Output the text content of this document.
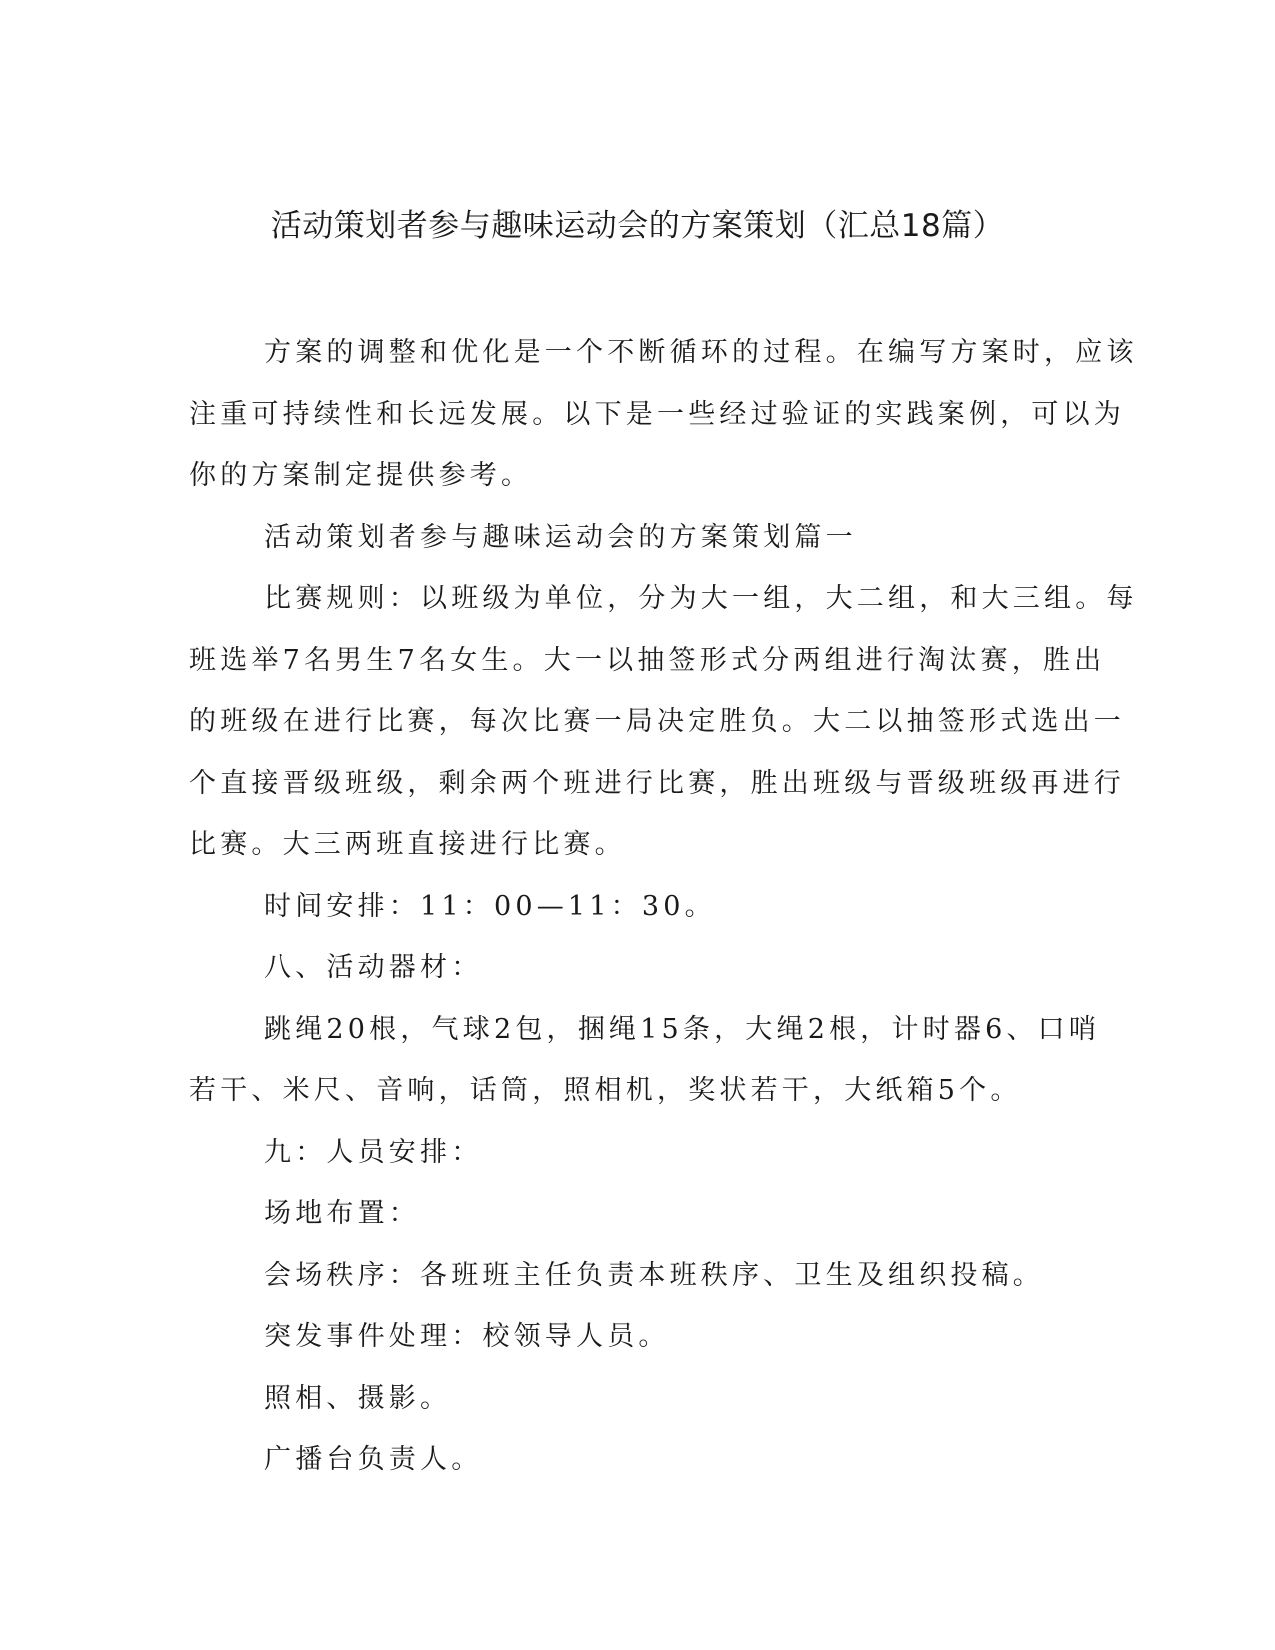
活动策划者参与趣味运动会的方案策划（汇总18篇）

方案的调整和优化是一个不断循环的过程。在编写方案时，应该
注重可持续性和长远发展。以下是一些经过验证的实践案例，可以为
你的方案制定提供参考。

活动策划者参与趣味运动会的方案策划篇一

比赛规则：以班级为单位，分为大一组，大二组，和大三组。每
班选举7名男生7名女生。大一以抽签形式分两组进行淘汰赛，胜出
的班级在进行比赛，每次比赛一局决定胜负。大二以抽签形式选出一
个直接晋级班级，剩余两个班进行比赛，胜出班级与晋级班级再进行
比赛。大三两班直接进行比赛。

时间安排：11：00—11：30。

八、活动器材：

跳绳20根，气球2包，捆绳15条，大绳2根，计时器6、口哨
若干、米尺、音响，话筒，照相机，奖状若干，大纸箱5个。

九：人员安排：

场地布置：

会场秩序：各班班主任负责本班秩序、卫生及组织投稿。

突发事件处理：校领导人员。

照相、摄影。

广播台负责人。
